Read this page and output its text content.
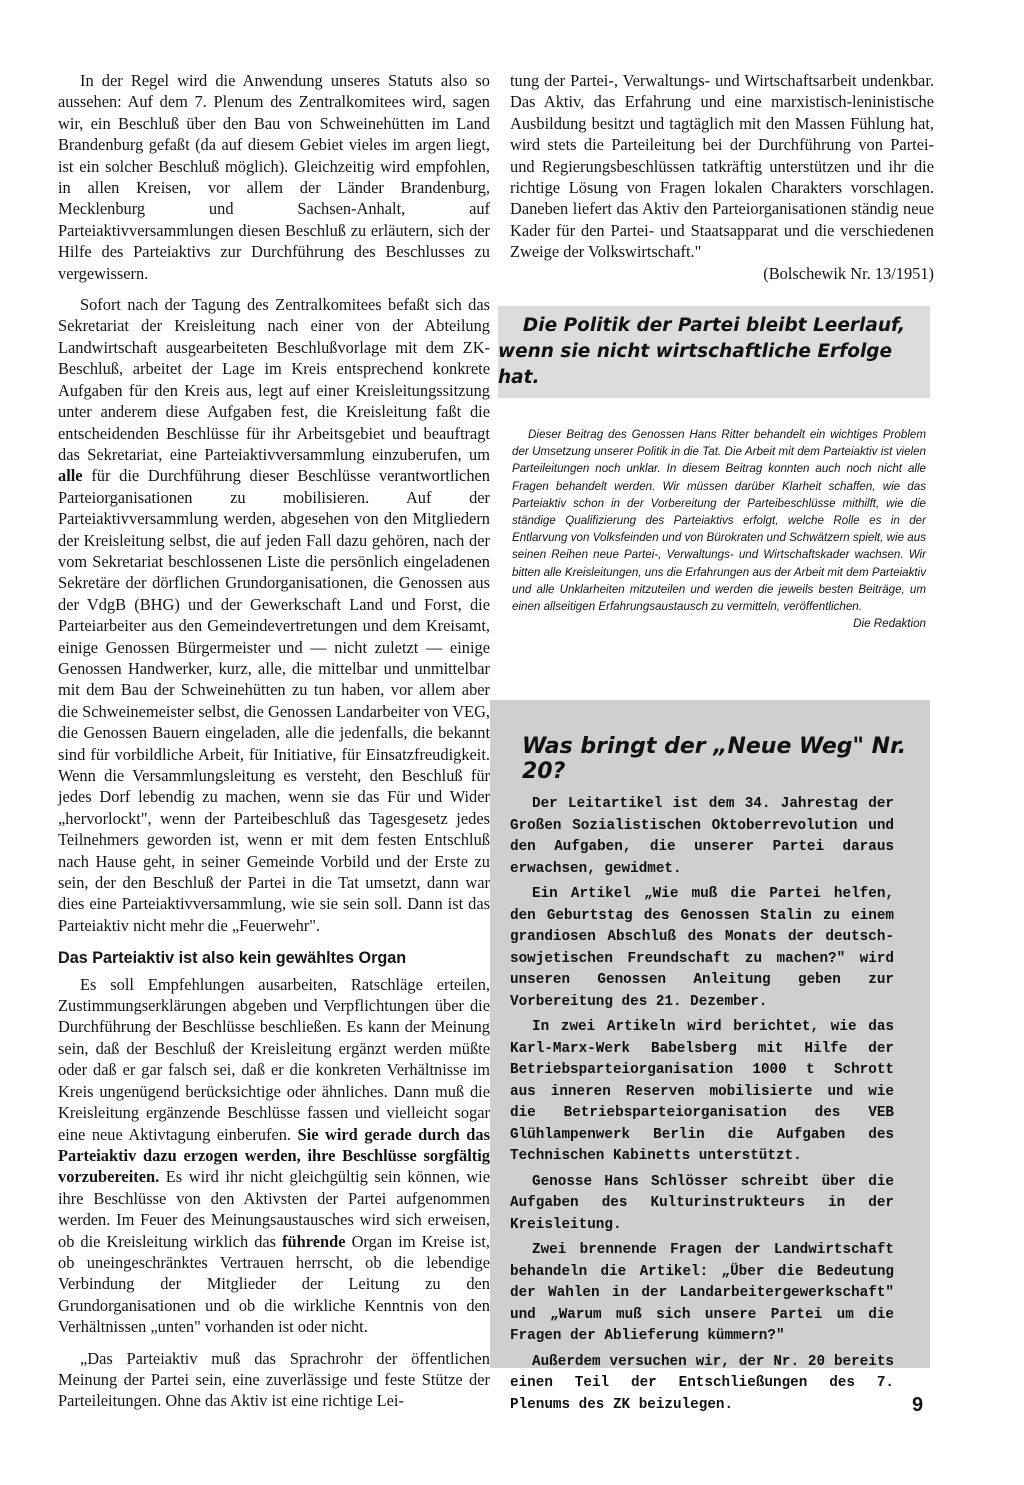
In der Regel wird die Anwendung unseres Statuts also so aussehen: Auf dem 7. Plenum des Zentralkomitees wird, sagen wir, ein Beschluß über den Bau von Schweinehütten im Land Brandenburg gefaßt (da auf diesem Gebiet vieles im argen liegt, ist ein solcher Beschluß möglich). Gleichzeitig wird empfohlen, in allen Kreisen, vor allem der Länder Brandenburg, Mecklenburg und Sachsen-Anhalt, auf Parteiaktivversammlungen diesen Beschluß zu erläutern, sich der Hilfe des Parteiaktivs zur Durchführung des Beschlusses zu vergewissern.

Sofort nach der Tagung des Zentralkomitees befaßt sich das Sekretariat der Kreisleitung nach einer von der Abteilung Landwirtschaft ausgearbeiteten Beschlußvorlage mit dem ZK-Beschluß, arbeitet der Lage im Kreis entsprechend konkrete Aufgaben für den Kreis aus, legt auf einer Kreisleitungssitzung unter anderem diese Aufgaben fest, die Kreisleitung faßt die entscheidenden Beschlüsse für ihr Arbeitsgebiet und beauftragt das Sekretariat, eine Parteiaktivversammlung einzuberufen, um alle für die Durchführung dieser Beschlüsse verantwortlichen Parteiorganisationen zu mobilisieren. Auf der Parteiaktivversammlung werden, abgesehen von den Mitgliedern der Kreisleitung selbst, die auf jeden Fall dazu gehören, nach der vom Sekretariat beschlossenen Liste die persönlich eingeladenen Sekretäre der dörflichen Grundorganisationen, die Genossen aus der VdgB (BHG) und der Gewerkschaft Land und Forst, die Parteiarbeiter aus den Gemeindevertretungen und dem Kreisamt, einige Genossen Bürgermeister und — nicht zuletzt — einige Genossen Handwerker, kurz, alle, die mittelbar und unmittelbar mit dem Bau der Schweinehütten zu tun haben, vor allem aber die Schweinemeister selbst, die Genossen Landarbeiter von VEG, die Genossen Bauern eingeladen, alle die jedenfalls, die bekannt sind für vorbildliche Arbeit, für Initiative, für Einsatzfreudigkeit. Wenn die Versammlungsleitung es versteht, den Beschluß für jedes Dorf lebendig zu machen, wenn sie das Für und Wider „hervorlockt", wenn der Parteibeschluß das Tagesgesetz jedes Teilnehmers geworden ist, wenn er mit dem festen Entschluß nach Hause geht, in seiner Gemeinde Vorbild und der Erste zu sein, der den Beschluß der Partei in die Tat umsetzt, dann war dies eine Parteiaktivversammlung, wie sie sein soll. Dann ist das Parteiaktiv nicht mehr die „Feuerwehr".

Das Parteiaktiv ist also kein gewähltes Organ

Es soll Empfehlungen ausarbeiten, Ratschläge erteilen, Zustimmungserklärungen abgeben und Verpflichtungen über die Durchführung der Beschlüsse beschließen. Es kann der Meinung sein, daß der Beschluß der Kreisleitung ergänzt werden müßte oder daß er gar falsch sei, daß er die konkreten Verhältnisse im Kreis ungenügend berücksichtige oder ähnliches. Dann muß die Kreisleitung ergänzende Beschlüsse fassen und vielleicht sogar eine neue Aktivtagung einberufen. Sie wird gerade durch das Parteiaktiv dazu erzogen werden, ihre Beschlüsse sorgfältig vorzubereiten. Es wird ihr nicht gleichgültig sein können, wie ihre Beschlüsse von den Aktivsten der Partei aufgenommen werden. Im Feuer des Meinungsaustausches wird sich erweisen, ob die Kreisleitung wirklich das führende Organ im Kreise ist, ob uneingeschränktes Vertrauen herrscht, ob die lebendige Verbindung der Mitglieder der Leitung zu den Grundorganisationen und ob die wirkliche Kenntnis von den Verhältnissen „unten" vorhanden ist oder nicht.

„Das Parteiaktiv muß das Sprachrohr der öffentlichen Meinung der Partei sein, eine zuverlässige und feste Stütze der Parteileitungen. Ohne das Aktiv ist eine richtige Lei-

tung der Partei-, Verwaltungs- und Wirtschaftsarbeit undenkbar. Das Aktiv, das Erfahrung und eine marxistisch-leninistische Ausbildung besitzt und tagtäglich mit den Massen Fühlung hat, wird stets die Parteileitung bei der Durchführung von Partei- und Regierungsbeschlüssen tatkräftig unterstützen und ihr die richtige Lösung von Fragen lokalen Charakters vorschlagen. Daneben liefert das Aktiv den Parteiorganisationen ständig neue Kader für den Partei- und Staatsapparat und die verschiedenen Zweige der Volkswirtschaft."

(Bolschewik Nr. 13/1951)

Die Politik der Partei bleibt Leerlauf,
wenn sie nicht wirtschaftliche Erfolge hat.

Dieser Beitrag des Genossen Hans Ritter behandelt ein wichtiges Problem der Umsetzung unserer Politik in die Tat. Die Arbeit mit dem Parteiaktiv ist vielen Parteileitungen noch unklar. In diesem Beitrag konnten auch noch nicht alle Fragen behandelt werden. Wir müssen darüber Klarheit schaffen, wie das Parteiaktiv schon in der Vorbereitung der Parteibeschlüsse mithilft, wie die ständige Qualifizierung des Parteiaktivs erfolgt, welche Rolle es in der Entlarvung von Volksfeinden und von Bürokraten und Schwätzern spielt, wie aus seinen Reihen neue Partei-, Verwaltungs- und Wirtschaftskader wachsen. Wir bitten alle Kreisleitungen, uns die Erfahrungen aus der Arbeit mit dem Parteiaktiv und alle Unklarheiten mitzuteilen und werden die jeweils besten Beiträge, um einen allseitigen Erfahrungsaustausch zu vermitteln, veröffentlichen.

Die Redaktion

Was bringt der „Neue Weg" Nr. 20?

Der Leitartikel ist dem 34. Jahrestag der Großen Sozialistischen Oktoberrevolution und den Aufgaben, die unserer Partei daraus erwachsen, gewidmet.

Ein Artikel „Wie muß die Partei helfen, den Geburtstag des Genossen Stalin zu einem grandiosen Abschluß des Monats der deutsch-sowjetischen Freundschaft zu machen?" wird unseren Genossen Anleitung geben zur Vorbereitung des 21. Dezember.

In zwei Artikeln wird berichtet, wie das Karl-Marx-Werk Babelsberg mit Hilfe der Betriebsparteiorganisation 1000 t Schrott aus inneren Reserven mobilisierte und wie die Betriebsparteiorganisation des VEB Glühlampenwerk Berlin die Aufgaben des Technischen Kabinetts unterstützt.

Genosse Hans Schlösser schreibt über die Aufgaben des Kulturinstrukteurs in der Kreisleitung.

Zwei brennende Fragen der Landwirtschaft behandeln die Artikel: „Über die Bedeutung der Wahlen in der Landarbeitergewerkschaft" und „Warum muß sich unsere Partei um die Fragen der Ablieferung kümmern?"

Außerdem versuchen wir, der Nr. 20 bereits einen Teil der Entschließungen des 7. Plenums des ZK beizulegen.	9
